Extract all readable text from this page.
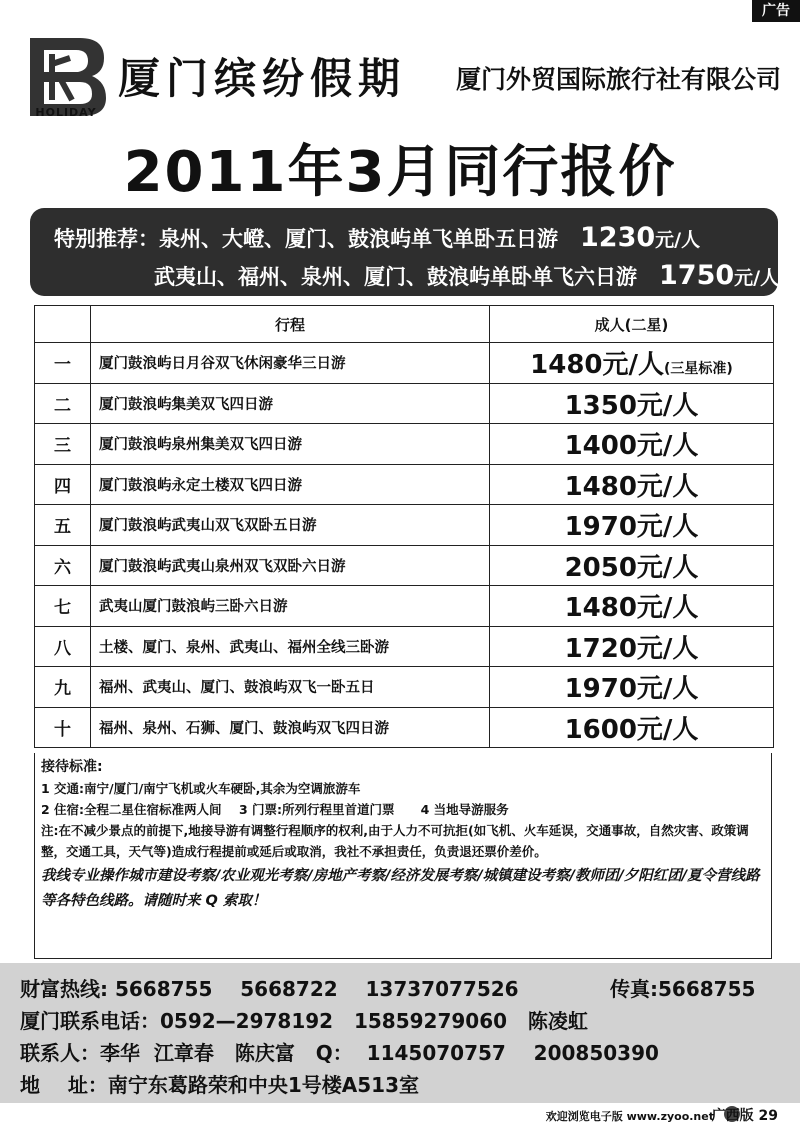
广告
HOLIDAY
厦门缤纷假期 厦门外贸国际旅行社有限公司
2011年3月同行报价
特别推荐：泉州、大嶝、厦门、鼓浪屿单飞单卧五日游 1230元/人
武夷山、福州、泉州、厦门、鼓浪屿单卧单飞六日游 1750元/人
	行程	成人(二星)
一	厦门鼓浪屿日月谷双飞休闲豪华三日游	1480元/人(三星标准)
二	厦门鼓浪屿集美双飞四日游	1350元/人
三	厦门鼓浪屿泉州集美双飞四日游	1400元/人
四	厦门鼓浪屿永定土楼双飞四日游	1480元/人
五	厦门鼓浪屿武夷山双飞双卧五日游	1970元/人
六	厦门鼓浪屿武夷山泉州双飞双卧六日游	2050元/人
七	武夷山厦门鼓浪屿三卧六日游	1480元/人
八	土楼、厦门、泉州、武夷山、福州全线三卧游	1720元/人
九	福州、武夷山、厦门、鼓浪屿双飞一卧五日	1970元/人
十	福州、泉州、石狮、厦门、鼓浪屿双飞四日游	1600元/人
接待标准:
1 交通:南宁/厦门/南宁飞机或火车硬卧,其余为空调旅游车
2 住宿:全程二星住宿标准两人间    3 门票:所列行程里首道门票      4 当地导游服务
注:在不减少景点的前提下,地接导游有调整行程顺序的权利,由于人力不可抗拒(如飞机、火车延误，交通事故，自然灾害、政策调整，交通工具，天气等)造成行程提前或延后或取消，我社不承担责任，负责退还票价差价。
我线专业操作城市建设考察/农业观光考察/房地产考察/经济发展考察/城镇建设考察/教师团/夕阳红团/夏令营线路等各特色线路。请随时来 Q 索取！
财富热线: 5668755    5668722    13737077526	传真:5668755
厦门联系电话：0592—2978192   15859279060   陈凌虹
联系人：李华  江章春   陈庆富 Q： 1145070757    200850390
地    址：南宁东葛路荣和中央1号楼A513室
欢迎浏览电子版 www.zyoo.net
广西版 29
